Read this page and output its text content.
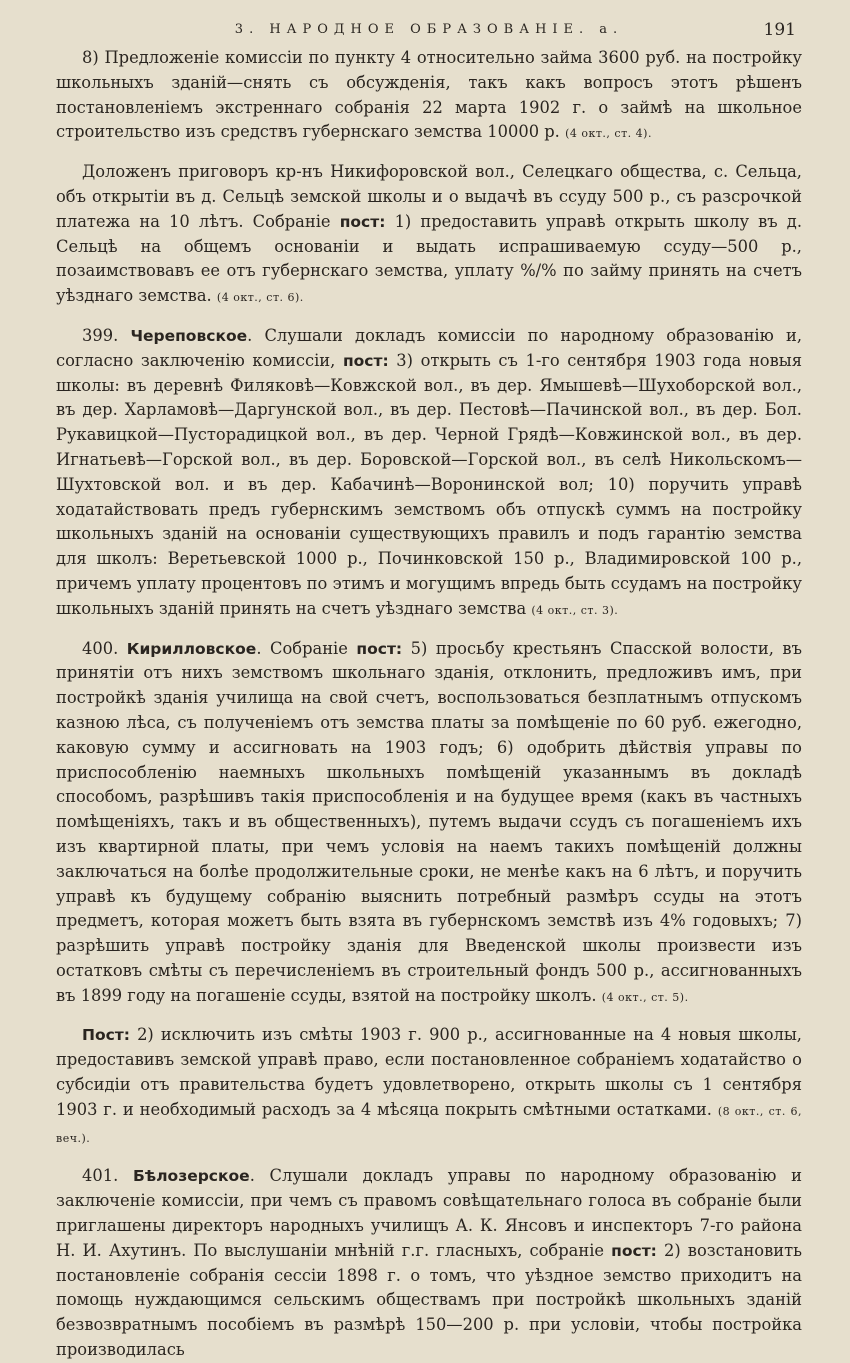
3. НАРОДНОЕ ОБРАЗОВАНІЕ. а.	191

8) Предложеніе комиссіи по пункту 4 относительно займа 3600 руб. на постройку школьныхъ зданій—снять съ обсужденія, такъ какъ вопросъ этотъ рѣшенъ постановленіемъ экстреннаго собранія 22 марта 1902 г. о займѣ на школьное строительство изъ средствъ губернскаго земства 10000 р. (4 окт., ст. 4).

Доложенъ приговоръ кр-нъ Никифоровской вол., Селецкаго общества, с. Сельца, объ открытіи въ д. Сельцѣ земской школы и о выдачѣ въ ссуду 500 р., съ разсрочкой платежа на 10 лѣтъ. Собраніе пост: 1) предоставить управѣ открыть школу въ д. Сельцѣ на общемъ основаніи и выдать испрашиваемую ссуду—500 р., позаимствовавъ ее отъ губернскаго земства, уплату %/% по займу принять на счетъ уѣзднаго земства. (4 окт., ст. 6).

399. Череповское. Слушали докладъ комиссіи по народному образованію и, согласно заключенію комиссіи, пост: 3) открыть съ 1-го сентября 1903 года новыя школы: въ деревнѣ Филяковѣ—Ковжской вол., въ дер. Ямышевѣ—Шухоборской вол., въ дер. Харламовѣ—Даргунской вол., въ дер. Пестовѣ—Пачинской вол., въ дер. Бол. Рукавицкой—Пусторадицкой вол., въ дер. Черной Грядѣ—Ковжинской вол., въ дер. Игнатьевѣ—Горской вол., въ дер. Боровской—Горской вол., въ селѣ Никольскомъ—Шухтовской вол. и въ дер. Кабачинѣ—Воронинской вол; 10) поручить управѣ ходатайствовать предъ губернскимъ земствомъ объ отпускѣ суммъ на постройку школьныхъ зданій на основаніи существующихъ правилъ и подъ гарантію земства для школъ: Веретьевской 1000 р., Починковской 150 р., Владимировской 100 р., причемъ уплату процентовъ по этимъ и могущимъ впредь быть ссудамъ на постройку школьныхъ зданій принять на счетъ уѣзднаго земства (4 окт., ст. 3).

400. Кирилловское. Собраніе пост: 5) просьбу крестьянъ Спасской волости, въ принятіи отъ нихъ земствомъ школьнаго зданія, отклонить, предложивъ имъ, при постройкѣ зданія училища на свой счетъ, воспользоваться безплатнымъ отпускомъ казною лѣса, съ полученіемъ отъ земства платы за помѣщеніе по 60 руб. ежегодно, каковую сумму и ассигновать на 1903 годъ; 6) одобрить дѣйствія управы по приспособленію наемныхъ школьныхъ помѣщеній указаннымъ въ докладѣ способомъ, разрѣшивъ такія приспособленія и на будущее время (какъ въ частныхъ помѣщеніяхъ, такъ и въ общественныхъ), путемъ выдачи ссудъ съ погашеніемъ ихъ изъ квартирной платы, при чемъ условія на наемъ такихъ помѣщеній должны заключаться на болѣе продолжительные сроки, не менѣе какъ на 6 лѣтъ, и поручить управѣ къ будущему собранію выяснить потребный размѣръ ссуды на этотъ предметъ, которая можетъ быть взята въ губернскомъ земствѣ изъ 4% годовыхъ; 7) разрѣшить управѣ постройку зданія для Введенской школы произвести изъ остатковъ смѣты съ перечисленіемъ въ строительный фондъ 500 р., ассигнованныхъ въ 1899 году на погашеніе ссуды, взятой на постройку школъ. (4 окт., ст. 5).

Пост: 2) исключить изъ смѣты 1903 г. 900 р., ассигнованные на 4 новыя школы, предоставивъ земской управѣ право, если постановленное собраніемъ ходатайство о субсидіи отъ правительства будетъ удовлетворено, открыть школы съ 1 сентября 1903 г. и необходимый расходъ за 4 мѣсяца покрыть смѣтными остатками. (8 окт., ст. 6, веч.).

401. Бѣлозерское. Слушали докладъ управы по народному образованію и заключеніе комиссіи, при чемъ съ правомъ совѣщательнаго голоса въ собраніе были приглашены директоръ народныхъ училищъ А. К. Янсовъ и инспекторъ 7-го района Н. И. Ахутинъ. По выслушаніи мнѣній г.г. гласныхъ, собраніе пост: 2) возстановить постановленіе собранія сессіи 1898 г. о томъ, что уѣздное земство приходитъ на помощь нуждающимся сельскимъ обществамъ при постройкѣ школьныхъ зданій безвозвратнымъ пособіемъ въ размѣрѣ 150—200 р. при условіи, чтобы постройка производилась
